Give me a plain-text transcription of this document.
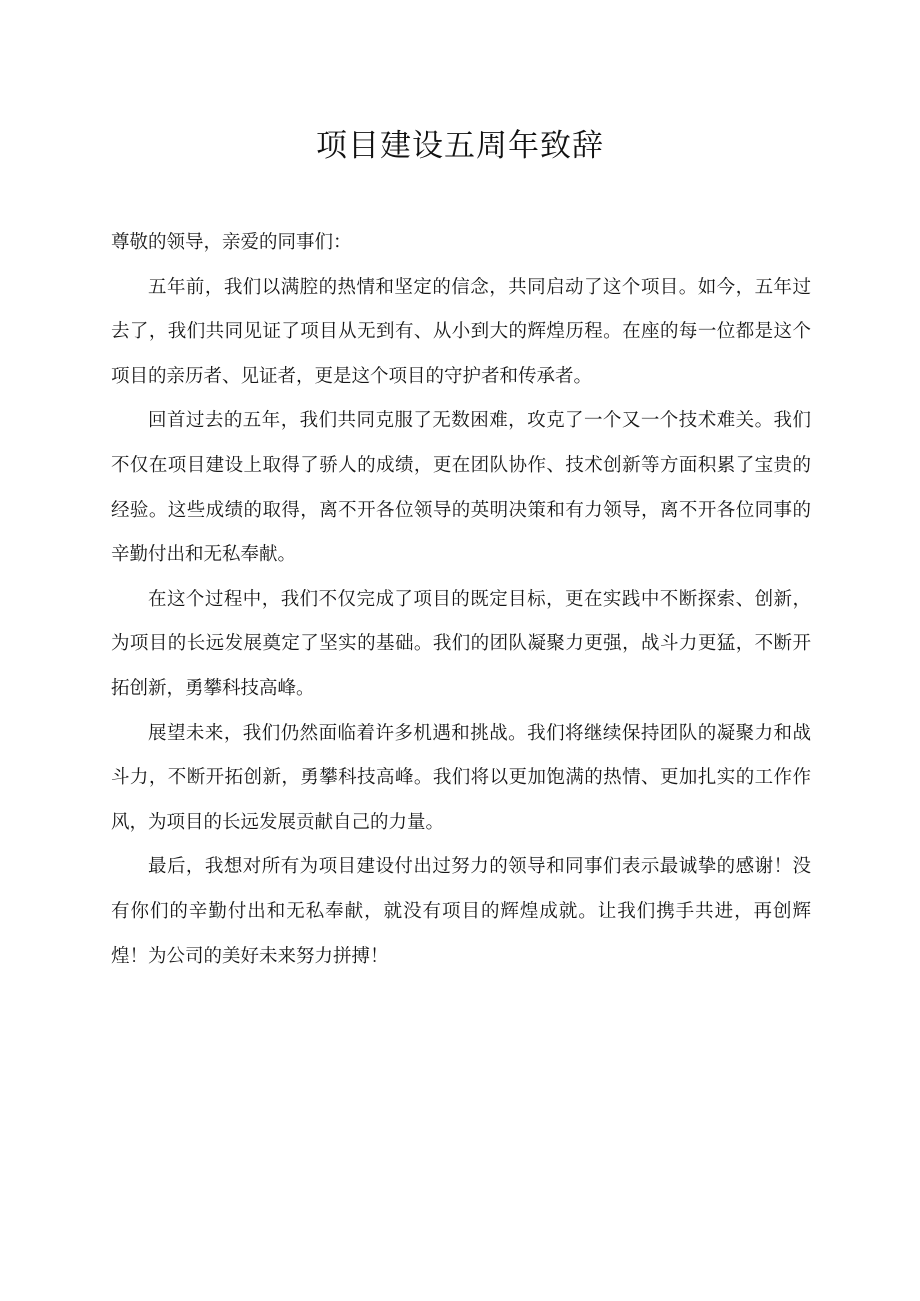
项目建设五周年致辞

尊敬的领导，亲爱的同事们：

五年前，我们以满腔的热情和坚定的信念，共同启动了这个项目。如今，五年过去了，我们共同见证了项目从无到有、从小到大的辉煌历程。在座的每一位都是这个项目的亲历者、见证者，更是这个项目的守护者和传承者。

回首过去的五年，我们共同克服了无数困难，攻克了一个又一个技术难关。我们不仅在项目建设上取得了骄人的成绩，更在团队协作、技术创新等方面积累了宝贵的经验。这些成绩的取得，离不开各位领导的英明决策和有力领导，离不开各位同事的辛勤付出和无私奉献。

在这个过程中，我们不仅完成了项目的既定目标，更在实践中不断探索、创新，为项目的长远发展奠定了坚实的基础。我们的团队凝聚力更强，战斗力更猛，不断开拓创新，勇攀科技高峰。

展望未来，我们仍然面临着许多机遇和挑战。我们将继续保持团队的凝聚力和战斗力，不断开拓创新，勇攀科技高峰。我们将以更加饱满的热情、更加扎实的工作作风，为项目的长远发展贡献自己的力量。

最后，我想对所有为项目建设付出过努力的领导和同事们表示最诚挚的感谢！没有你们的辛勤付出和无私奉献，就没有项目的辉煌成就。让我们携手共进，再创辉煌！为公司的美好未来努力拼搏！
